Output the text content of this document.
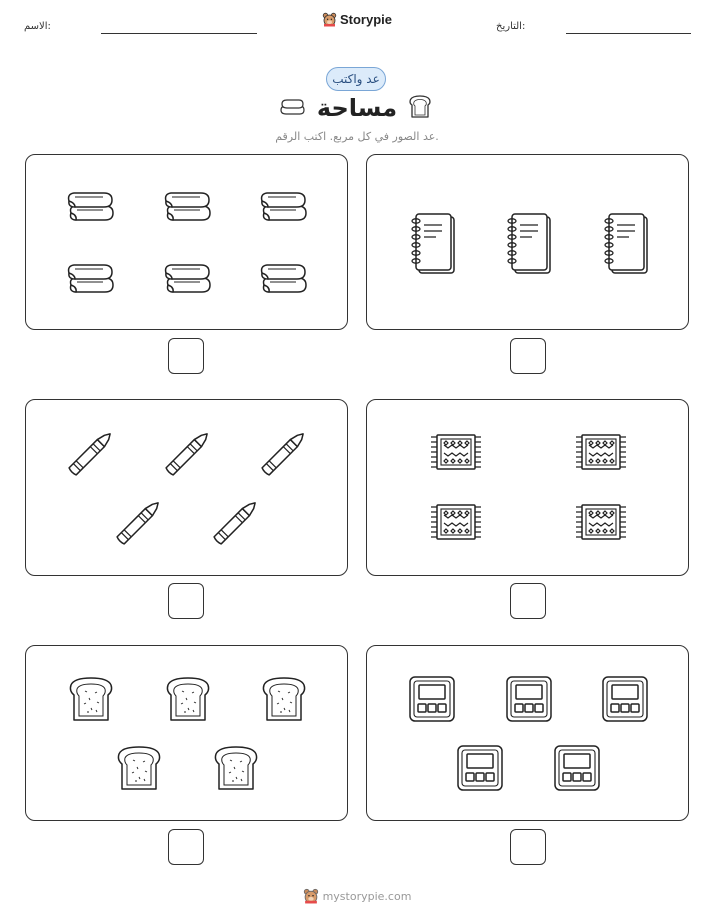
الاسم:	Storypie	التاريخ:
عد واكتب
مساحة
عد الصور في كل مربع. اكتب الرقم.
mystorypie.com
